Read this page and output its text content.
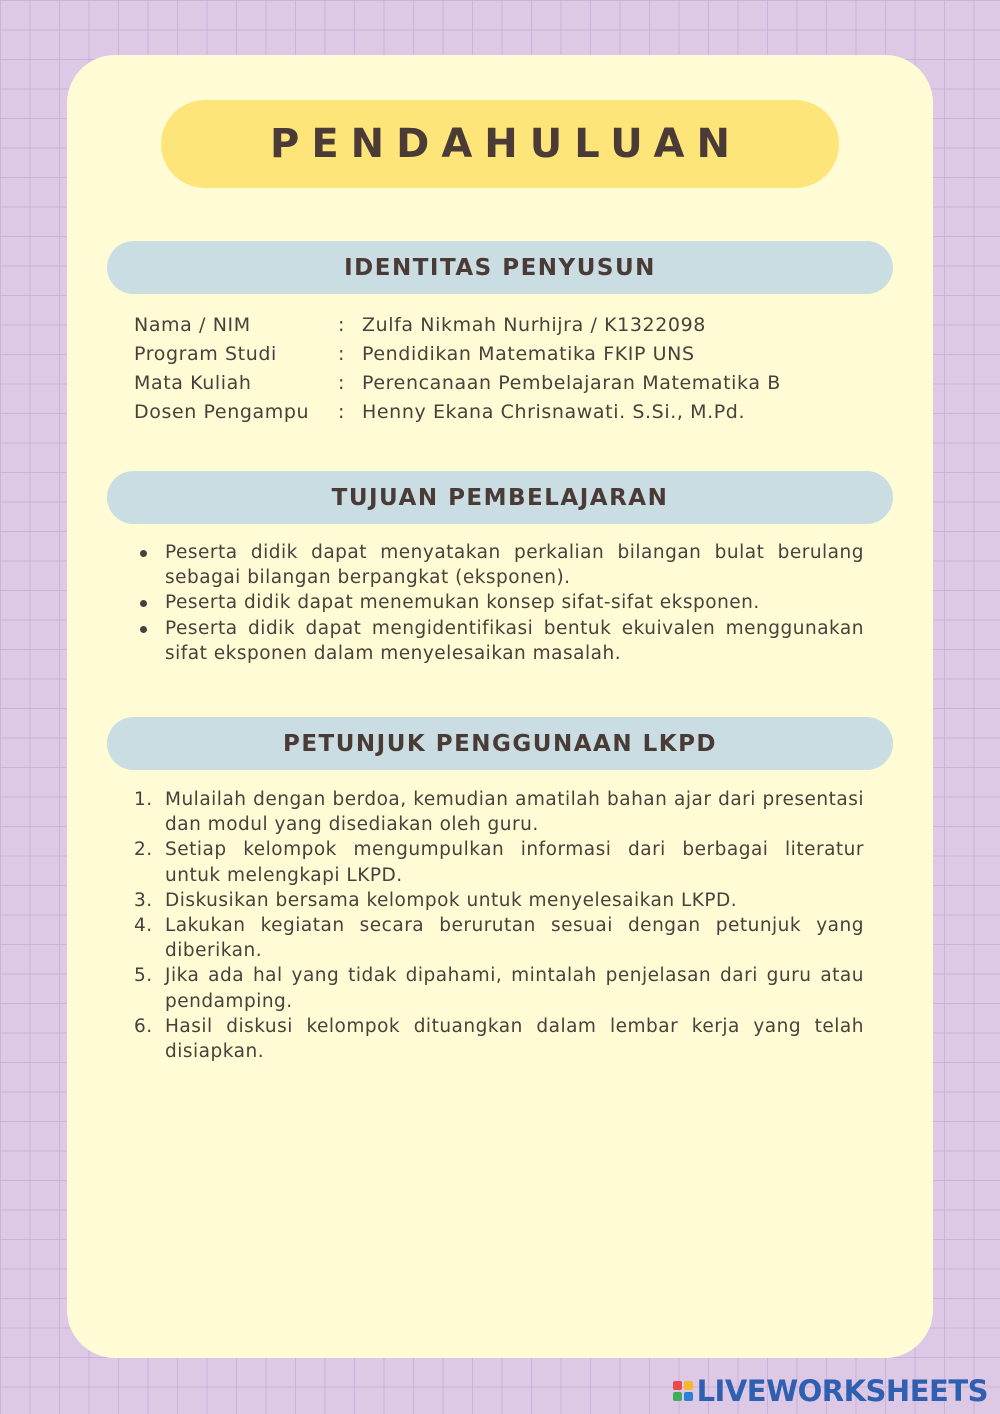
PENDAHULUAN
IDENTITAS PENYUSUN
Nama / NIM	: Zulfa Nikmah Nurhijra / K1322098
Program Studi	: Pendidikan Matematika FKIP UNS
Mata Kuliah	: Perencanaan Pembelajaran Matematika B
Dosen Pengampu	: Henny Ekana Chrisnawati. S.Si., M.Pd.
TUJUAN PEMBELAJARAN
Peserta didik dapat menyatakan perkalian bilangan bulat berulang sebagai bilangan berpangkat (eksponen).
Peserta didik dapat menemukan konsep sifat-sifat eksponen.
Peserta didik dapat mengidentifikasi bentuk ekuivalen menggunakan sifat eksponen dalam menyelesaikan masalah.
PETUNJUK PENGGUNAAN LKPD
1. Mulailah dengan berdoa, kemudian amatilah bahan ajar dari presentasi dan modul yang disediakan oleh guru.
2. Setiap kelompok mengumpulkan informasi dari berbagai literatur untuk melengkapi LKPD.
3. Diskusikan bersama kelompok untuk menyelesaikan LKPD.
4. Lakukan kegiatan secara berurutan sesuai dengan petunjuk yang diberikan.
5. Jika ada hal yang tidak dipahami, mintalah penjelasan dari guru atau pendamping.
6. Hasil diskusi kelompok dituangkan dalam lembar kerja yang telah disiapkan.
LIVEWORKSHEETS
